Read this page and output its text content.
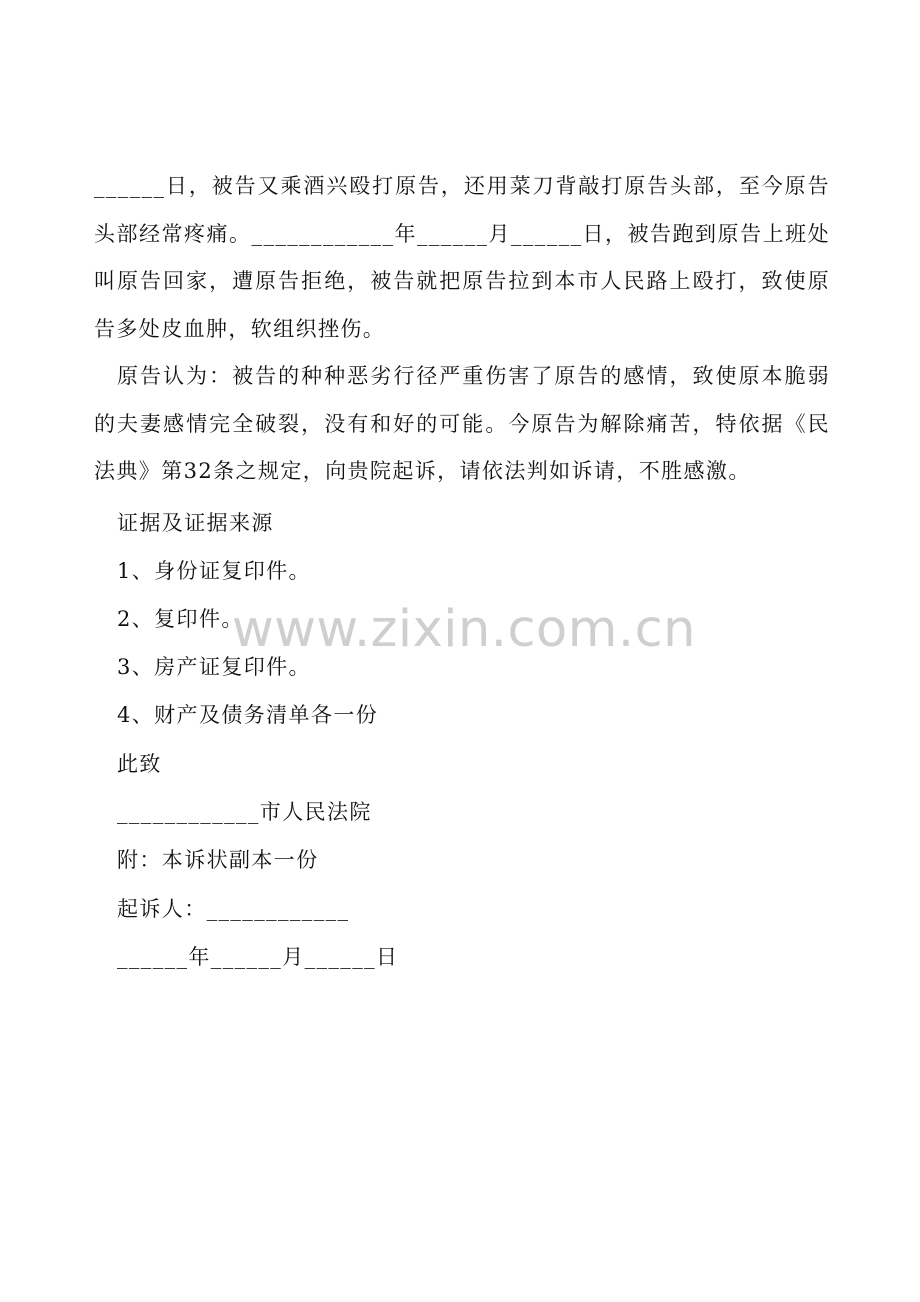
______日，被告又乘酒兴殴打原告，还用菜刀背敲打原告头部，至今原告头部经常疼痛。____________年______月______日，被告跑到原告上班处叫原告回家，遭原告拒绝，被告就把原告拉到本市人民路上殴打，致使原告多处皮血肿，软组织挫伤。
原告认为：被告的种种恶劣行径严重伤害了原告的感情，致使原本脆弱的夫妻感情完全破裂，没有和好的可能。今原告为解除痛苦，特依据《民法典》第32条之规定，向贵院起诉，请依法判如诉请，不胜感激。
证据及证据来源
1、身份证复印件。
2、复印件。
3、房产证复印件。
4、财产及债务清单各一份
此致
____________市人民法院
附：本诉状副本一份
起诉人：____________
______年______月______日
www.zixin.com.cn
